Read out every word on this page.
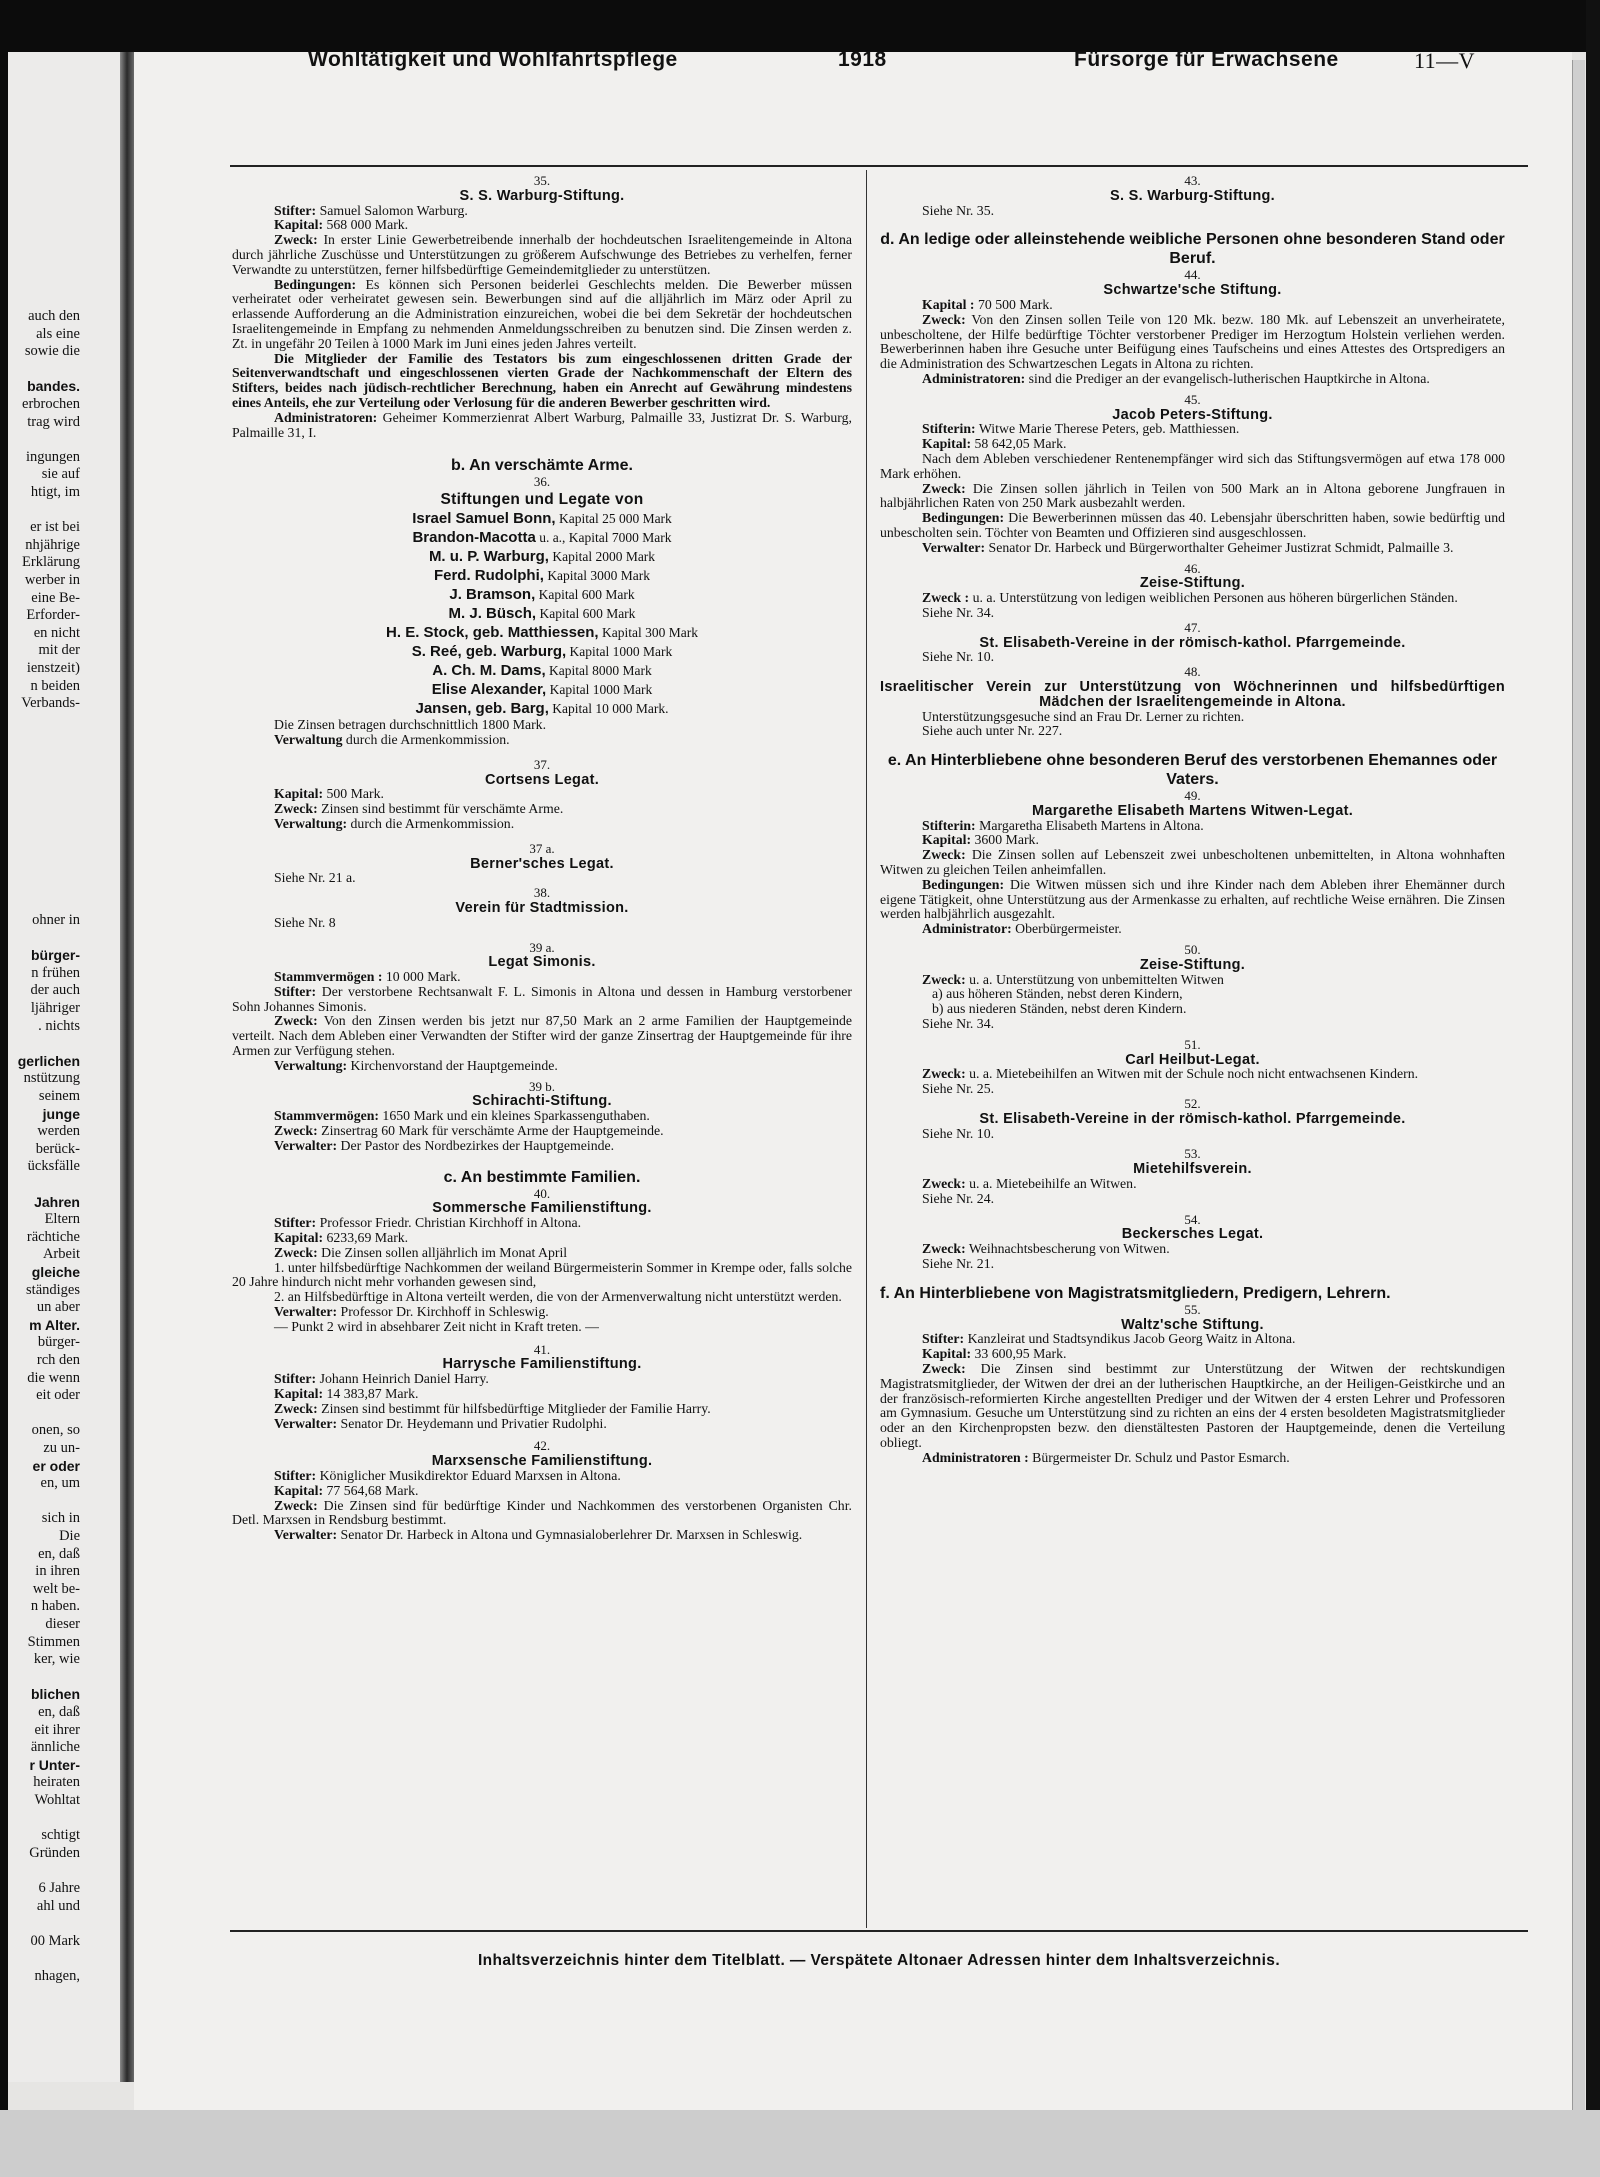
auch den
als eine
sowie die
bandes.
erbrochen
trag wird
ingungen
sie auf
htigt, im
er ist bei
nhjährige
Erklärung
werber in
eine Be-
Erforder-
en nicht
mit der
ienstzeit)
n beiden
Verbands-
ohner in
bürger-
n frühen
der auch
ljähriger
. nichts
gerlichen
nstützung
seinem
junge
werden
berück-
ücksfälle
Jahren
Eltern
rächtiche
Arbeit
gleiche
ständiges
un aber
m Alter.
bürger-
rch den
die wenn
eit oder
onen, so
zu un-
er oder
en, um
sich in
Die
en, daß
in ihren
welt be-
n haben.
dieser
Stimmen
ker, wie
blichen
en, daß
eit ihrer
ännliche
r Unter-
heiraten
Wohltat
schtigt
Gründen
6 Jahre
ahl und
00 Mark
nhagen,
Wohltätigkeit und Wohlfahrtspflege	1918	Fürsorge für Erwachsene	11—V

35.

S. S. Warburg-Stiftung.

Stifter: Samuel Salomon Warburg.

Kapital: 568 000 Mark.

Zweck: In erster Linie Gewerbetreibende innerhalb der hochdeutschen Israelitengemeinde in Altona durch jährliche Zuschüsse und Unterstützungen zu größerem Aufschwunge des Betriebes zu verhelfen, ferner Verwandte zu unterstützen, ferner hilfsbedürftige Gemeindemitglieder zu unterstützen.

Bedingungen: Es können sich Personen beiderlei Geschlechts melden. Die Bewerber müssen verheiratet oder verheiratet gewesen sein. Bewerbungen sind auf die alljährlich im März oder April zu erlassende Aufforderung an die Administration einzureichen, wobei die bei dem Sekretär der hochdeutschen Israelitengemeinde in Empfang zu nehmenden Anmeldungsschreiben zu benutzen sind. Die Zinsen werden z. Zt. in ungefähr 20 Teilen à 1000 Mark im Juni eines jeden Jahres verteilt.

Die Mitglieder der Familie des Testators bis zum eingeschlossenen dritten Grade der Seitenverwandtschaft und eingeschlossenen vierten Grade der Nachkommenschaft der Eltern des Stifters, beides nach jüdisch-rechtlicher Berechnung, haben ein Anrecht auf Gewährung mindestens eines Anteils, ehe zur Verteilung oder Verlosung für die anderen Bewerber geschritten wird.

Administratoren: Geheimer Kommerzienrat Albert Warburg, Palmaille 33, Justizrat Dr. S. Warburg, Palmaille 31, I.

b. An verschämte Arme.

36.

Stiftungen und Legate von

Israel Samuel Bonn, Kapital 25 000 Mark

Brandon-Macotta u. a., Kapital 7000 Mark

M. u. P. Warburg, Kapital 2000 Mark

Ferd. Rudolphi, Kapital 3000 Mark

J. Bramson, Kapital 600 Mark

M. J. Büsch, Kapital 600 Mark

H. E. Stock, geb. Matthiessen, Kapital 300 Mark

S. Reé, geb. Warburg, Kapital 1000 Mark

A. Ch. M. Dams, Kapital 8000 Mark

Elise Alexander, Kapital 1000 Mark

Jansen, geb. Barg, Kapital 10 000 Mark.

Die Zinsen betragen durchschnittlich 1800 Mark.

Verwaltung durch die Armenkommission.

37.

Cortsens Legat.

Kapital: 500 Mark.

Zweck: Zinsen sind bestimmt für verschämte Arme.

Verwaltung: durch die Armenkommission.

37 a.

Berner'sches Legat.

Siehe Nr. 21 a.

38.

Verein für Stadtmission.

Siehe Nr. 8

39 a.

Legat Simonis.

Stammvermögen : 10 000 Mark.

Stifter: Der verstorbene Rechtsanwalt F. L. Simonis in Altona und dessen in Hamburg verstorbener Sohn Johannes Simonis.

Zweck: Von den Zinsen werden bis jetzt nur 87,50 Mark an 2 arme Familien der Hauptgemeinde verteilt. Nach dem Ableben einer Verwandten der Stifter wird der ganze Zinsertrag der Hauptgemeinde für ihre Armen zur Verfügung stehen.

Verwaltung: Kirchenvorstand der Hauptgemeinde.

39 b.

Schirachti-Stiftung.

Stammvermögen: 1650 Mark und ein kleines Sparkassenguthaben.

Zweck: Zinsertrag 60 Mark für verschämte Arme der Hauptgemeinde.

Verwalter: Der Pastor des Nordbezirkes der Hauptgemeinde.

c. An bestimmte Familien.

40.

Sommersche Familienstiftung.

Stifter: Professor Friedr. Christian Kirchhoff in Altona.

Kapital: 6233,69 Mark.

Zweck: Die Zinsen sollen alljährlich im Monat April

1. unter hilfsbedürftige Nachkommen der weiland Bürgermeisterin Sommer in Krempe oder, falls solche 20 Jahre hindurch nicht mehr vorhanden gewesen sind,

2. an Hilfsbedürftige in Altona verteilt werden, die von der Armenverwaltung nicht unterstützt werden.

Verwalter: Professor Dr. Kirchhoff in Schleswig.

— Punkt 2 wird in absehbarer Zeit nicht in Kraft treten. —

41.

Harrysche Familienstiftung.

Stifter: Johann Heinrich Daniel Harry.

Kapital: 14 383,87 Mark.

Zweck: Zinsen sind bestimmt für hilfsbedürftige Mitglieder der Familie Harry.

Verwalter: Senator Dr. Heydemann und Privatier Rudolphi.

42.

Marxsensche Familienstiftung.

Stifter: Königlicher Musikdirektor Eduard Marxsen in Altona.

Kapital: 77 564,68 Mark.

Zweck: Die Zinsen sind für bedürftige Kinder und Nachkommen des verstorbenen Organisten Chr. Detl. Marxsen in Rendsburg bestimmt.

Verwalter: Senator Dr. Harbeck in Altona und Gymnasialoberlehrer Dr. Marxsen in Schleswig.

43.

S. S. Warburg-Stiftung.

Siehe Nr. 35.

d. An ledige oder alleinstehende weibliche Personen ohne besonderen Stand oder Beruf.

44.

Schwartze'sche Stiftung.

Kapital : 70 500 Mark.

Zweck: Von den Zinsen sollen Teile von 120 Mk. bezw. 180 Mk. auf Lebenszeit an unverheiratete, unbescholtene, der Hilfe bedürftige Töchter verstorbener Prediger im Herzogtum Holstein verliehen werden. Bewerberinnen haben ihre Gesuche unter Beifügung eines Taufscheins und eines Attestes des Ortspredigers an die Administration des Schwartzeschen Legats in Altona zu richten.

Administratoren: sind die Prediger an der evangelisch-lutherischen Hauptkirche in Altona.

45.

Jacob Peters-Stiftung.

Stifterin: Witwe Marie Therese Peters, geb. Matthiessen.

Kapital: 58 642,05 Mark.

Nach dem Ableben verschiedener Rentenempfänger wird sich das Stiftungsvermögen auf etwa 178 000 Mark erhöhen.

Zweck: Die Zinsen sollen jährlich in Teilen von 500 Mark an in Altona geborene Jungfrauen in halbjährlichen Raten von 250 Mark ausbezahlt werden.

Bedingungen: Die Bewerberinnen müssen das 40. Lebensjahr überschritten haben, sowie bedürftig und unbescholten sein. Töchter von Beamten und Offizieren sind ausgeschlossen.

Verwalter: Senator Dr. Harbeck und Bürgerworthalter Geheimer Justizrat Schmidt, Palmaille 3.

46.

Zeise-Stiftung.

Zweck : u. a. Unterstützung von ledigen weiblichen Personen aus höheren bürgerlichen Ständen.

Siehe Nr. 34.

47.

St. Elisabeth-Vereine in der römisch-kathol. Pfarrgemeinde.

Siehe Nr. 10.

48.

Israelitischer Verein zur Unterstützung von Wöchnerinnen und hilfsbedürftigen Mädchen der Israelitengemeinde in Altona.

Unterstützungsgesuche sind an Frau Dr. Lerner zu richten.

Siehe auch unter Nr. 227.

e. An Hinterbliebene ohne besonderen Beruf des verstorbenen Ehemannes oder Vaters.

49.

Margarethe Elisabeth Martens Witwen-Legat.

Stifterin: Margaretha Elisabeth Martens in Altona.

Kapital: 3600 Mark.

Zweck: Die Zinsen sollen auf Lebenszeit zwei unbescholtenen unbemittelten, in Altona wohnhaften Witwen zu gleichen Teilen anheimfallen.

Bedingungen: Die Witwen müssen sich und ihre Kinder nach dem Ableben ihrer Ehemänner durch eigene Tätigkeit, ohne Unterstützung aus der Armenkasse zu erhalten, auf rechtliche Weise ernähren. Die Zinsen werden halbjährlich ausgezahlt.

Administrator: Oberbürgermeister.

50.

Zeise-Stiftung.

Zweck: u. a. Unterstützung von unbemittelten Witwen

a) aus höheren Ständen, nebst deren Kindern,

b) aus niederen Ständen, nebst deren Kindern.

Siehe Nr. 34.

51.

Carl Heilbut-Legat.

Zweck: u. a. Mietebeihilfen an Witwen mit der Schule noch nicht entwachsenen Kindern.

Siehe Nr. 25.

52.

St. Elisabeth-Vereine in der römisch-kathol. Pfarrgemeinde.

Siehe Nr. 10.

53.

Mietehilfsverein.

Zweck: u. a. Mietebeihilfe an Witwen.

Siehe Nr. 24.

54.

Beckersches Legat.

Zweck: Weihnachtsbescherung von Witwen.

Siehe Nr. 21.

f. An Hinterbliebene von Magistratsmitgliedern, Predigern, Lehrern.

55.

Waltz'sche Stiftung.

Stifter: Kanzleirat und Stadtsyndikus Jacob Georg Waitz in Altona.

Kapital: 33 600,95 Mark.

Zweck: Die Zinsen sind bestimmt zur Unterstützung der Witwen der rechtskundigen Magistratsmitglieder, der Witwen der drei an der lutherischen Hauptkirche, an der Heiligen-Geistkirche und an der französisch-reformierten Kirche angestellten Prediger und der Witwen der 4 ersten Lehrer und Professoren am Gymnasium. Gesuche um Unterstützung sind zu richten an eins der 4 ersten besoldeten Magistratsmitglieder oder an den Kirchenpropsten bezw. den dienstältesten Pastoren der Hauptgemeinde, denen die Verteilung obliegt.

Administratoren : Bürgermeister Dr. Schulz und Pastor Esmarch.

Inhaltsverzeichnis hinter dem Titelblatt. — Verspätete Altonaer Adressen hinter dem Inhaltsverzeichnis.
